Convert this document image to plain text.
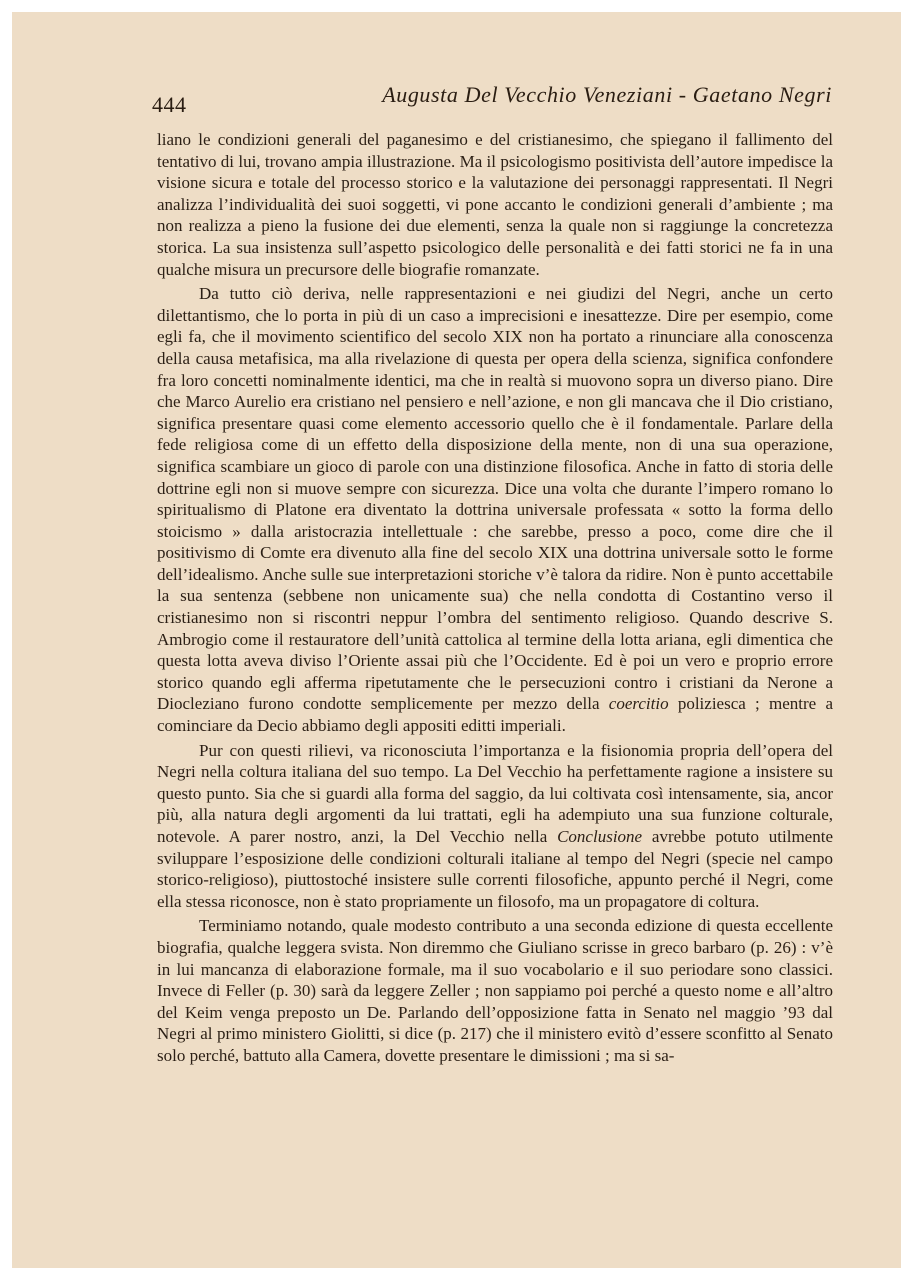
444	Augusta Del Vecchio Veneziani - Gaetano Negri

liano le condizioni generali del paganesimo e del cristianesimo, che spiegano il fallimento del tentativo di lui, trovano ampia illustrazione. Ma il psicologismo positivista dell’autore impedisce la visione sicura e totale del processo storico e la valutazione dei personaggi rappresentati. Il Negri analizza l’individualità dei suoi soggetti, vi pone accanto le condizioni generali d’ambiente ; ma non realizza a pieno la fusione dei due elementi, senza la quale non si raggiunge la concretezza storica. La sua insistenza sull’aspetto psicologico delle personalità e dei fatti storici ne fa in una qualche misura un precursore delle biografie romanzate.

Da tutto ciò deriva, nelle rappresentazioni e nei giudizi del Negri, anche un certo dilettantismo, che lo porta in più di un caso a imprecisioni e inesattezze. Dire per esempio, come egli fa, che il movimento scientifico del secolo XIX non ha portato a rinunciare alla conoscenza della causa metafisica, ma alla rivelazione di questa per opera della scienza, significa confondere fra loro concetti nominalmente identici, ma che in realtà si muovono sopra un diverso piano. Dire che Marco Aurelio era cristiano nel pensiero e nell’azione, e non gli mancava che il Dio cristiano, significa presentare quasi come elemento accessorio quello che è il fondamentale. Parlare della fede religiosa come di un effetto della disposizione della mente, non di una sua operazione, significa scambiare un gioco di parole con una distinzione filosofica. Anche in fatto di storia delle dottrine egli non si muove sempre con sicurezza. Dice una volta che durante l’impero romano lo spiritualismo di Platone era diventato la dottrina universale professata « sotto la forma dello stoicismo » dalla aristocrazia intellettuale : che sarebbe, presso a poco, come dire che il positivismo di Comte era divenuto alla fine del secolo XIX una dottrina universale sotto le forme dell’idealismo. Anche sulle sue interpretazioni storiche v’è talora da ridire. Non è punto accettabile la sua sentenza (sebbene non unicamente sua) che nella condotta di Costantino verso il cristianesimo non si riscontri neppur l’ombra del sentimento religioso. Quando descrive S. Ambrogio come il restauratore dell’unità cattolica al termine della lotta ariana, egli dimentica che questa lotta aveva diviso l’Oriente assai più che l’Occidente. Ed è poi un vero e proprio errore storico quando egli afferma ripetutamente che le persecuzioni contro i cristiani da Nerone a Diocleziano furono condotte semplicemente per mezzo della coercitio poliziesca ; mentre a cominciare da Decio abbiamo degli appositi editti imperiali.

Pur con questi rilievi, va riconosciuta l’importanza e la fisionomia propria dell’opera del Negri nella coltura italiana del suo tempo. La Del Vecchio ha perfettamente ragione a insistere su questo punto. Sia che si guardi alla forma del saggio, da lui coltivata così intensamente, sia, ancor più, alla natura degli argomenti da lui trattati, egli ha adempiuto una sua funzione colturale, notevole. A parer nostro, anzi, la Del Vecchio nella Conclusione avrebbe potuto utilmente sviluppare l’esposizione delle condizioni colturali italiane al tempo del Negri (specie nel campo storico-religioso), piuttostoché insistere sulle correnti filosofiche, appunto perché il Negri, come ella stessa riconosce, non è stato propriamente un filosofo, ma un propagatore di coltura.

Terminiamo notando, quale modesto contributo a una seconda edizione di questa eccellente biografia, qualche leggera svista. Non diremmo che Giuliano scrisse in greco barbaro (p. 26) : v’è in lui mancanza di elaborazione formale, ma il suo vocabolario e il suo periodare sono classici. Invece di Feller (p. 30) sarà da leggere Zeller ; non sappiamo poi perché a questo nome e all’altro del Keim venga preposto un De. Parlando dell’opposizione fatta in Senato nel maggio ’93 dal Negri al primo ministero Giolitti, si dice (p. 217) che il ministero evitò d’essere sconfitto al Senato solo perché, battuto alla Camera, dovette presentare le dimissioni ; ma si sa-
